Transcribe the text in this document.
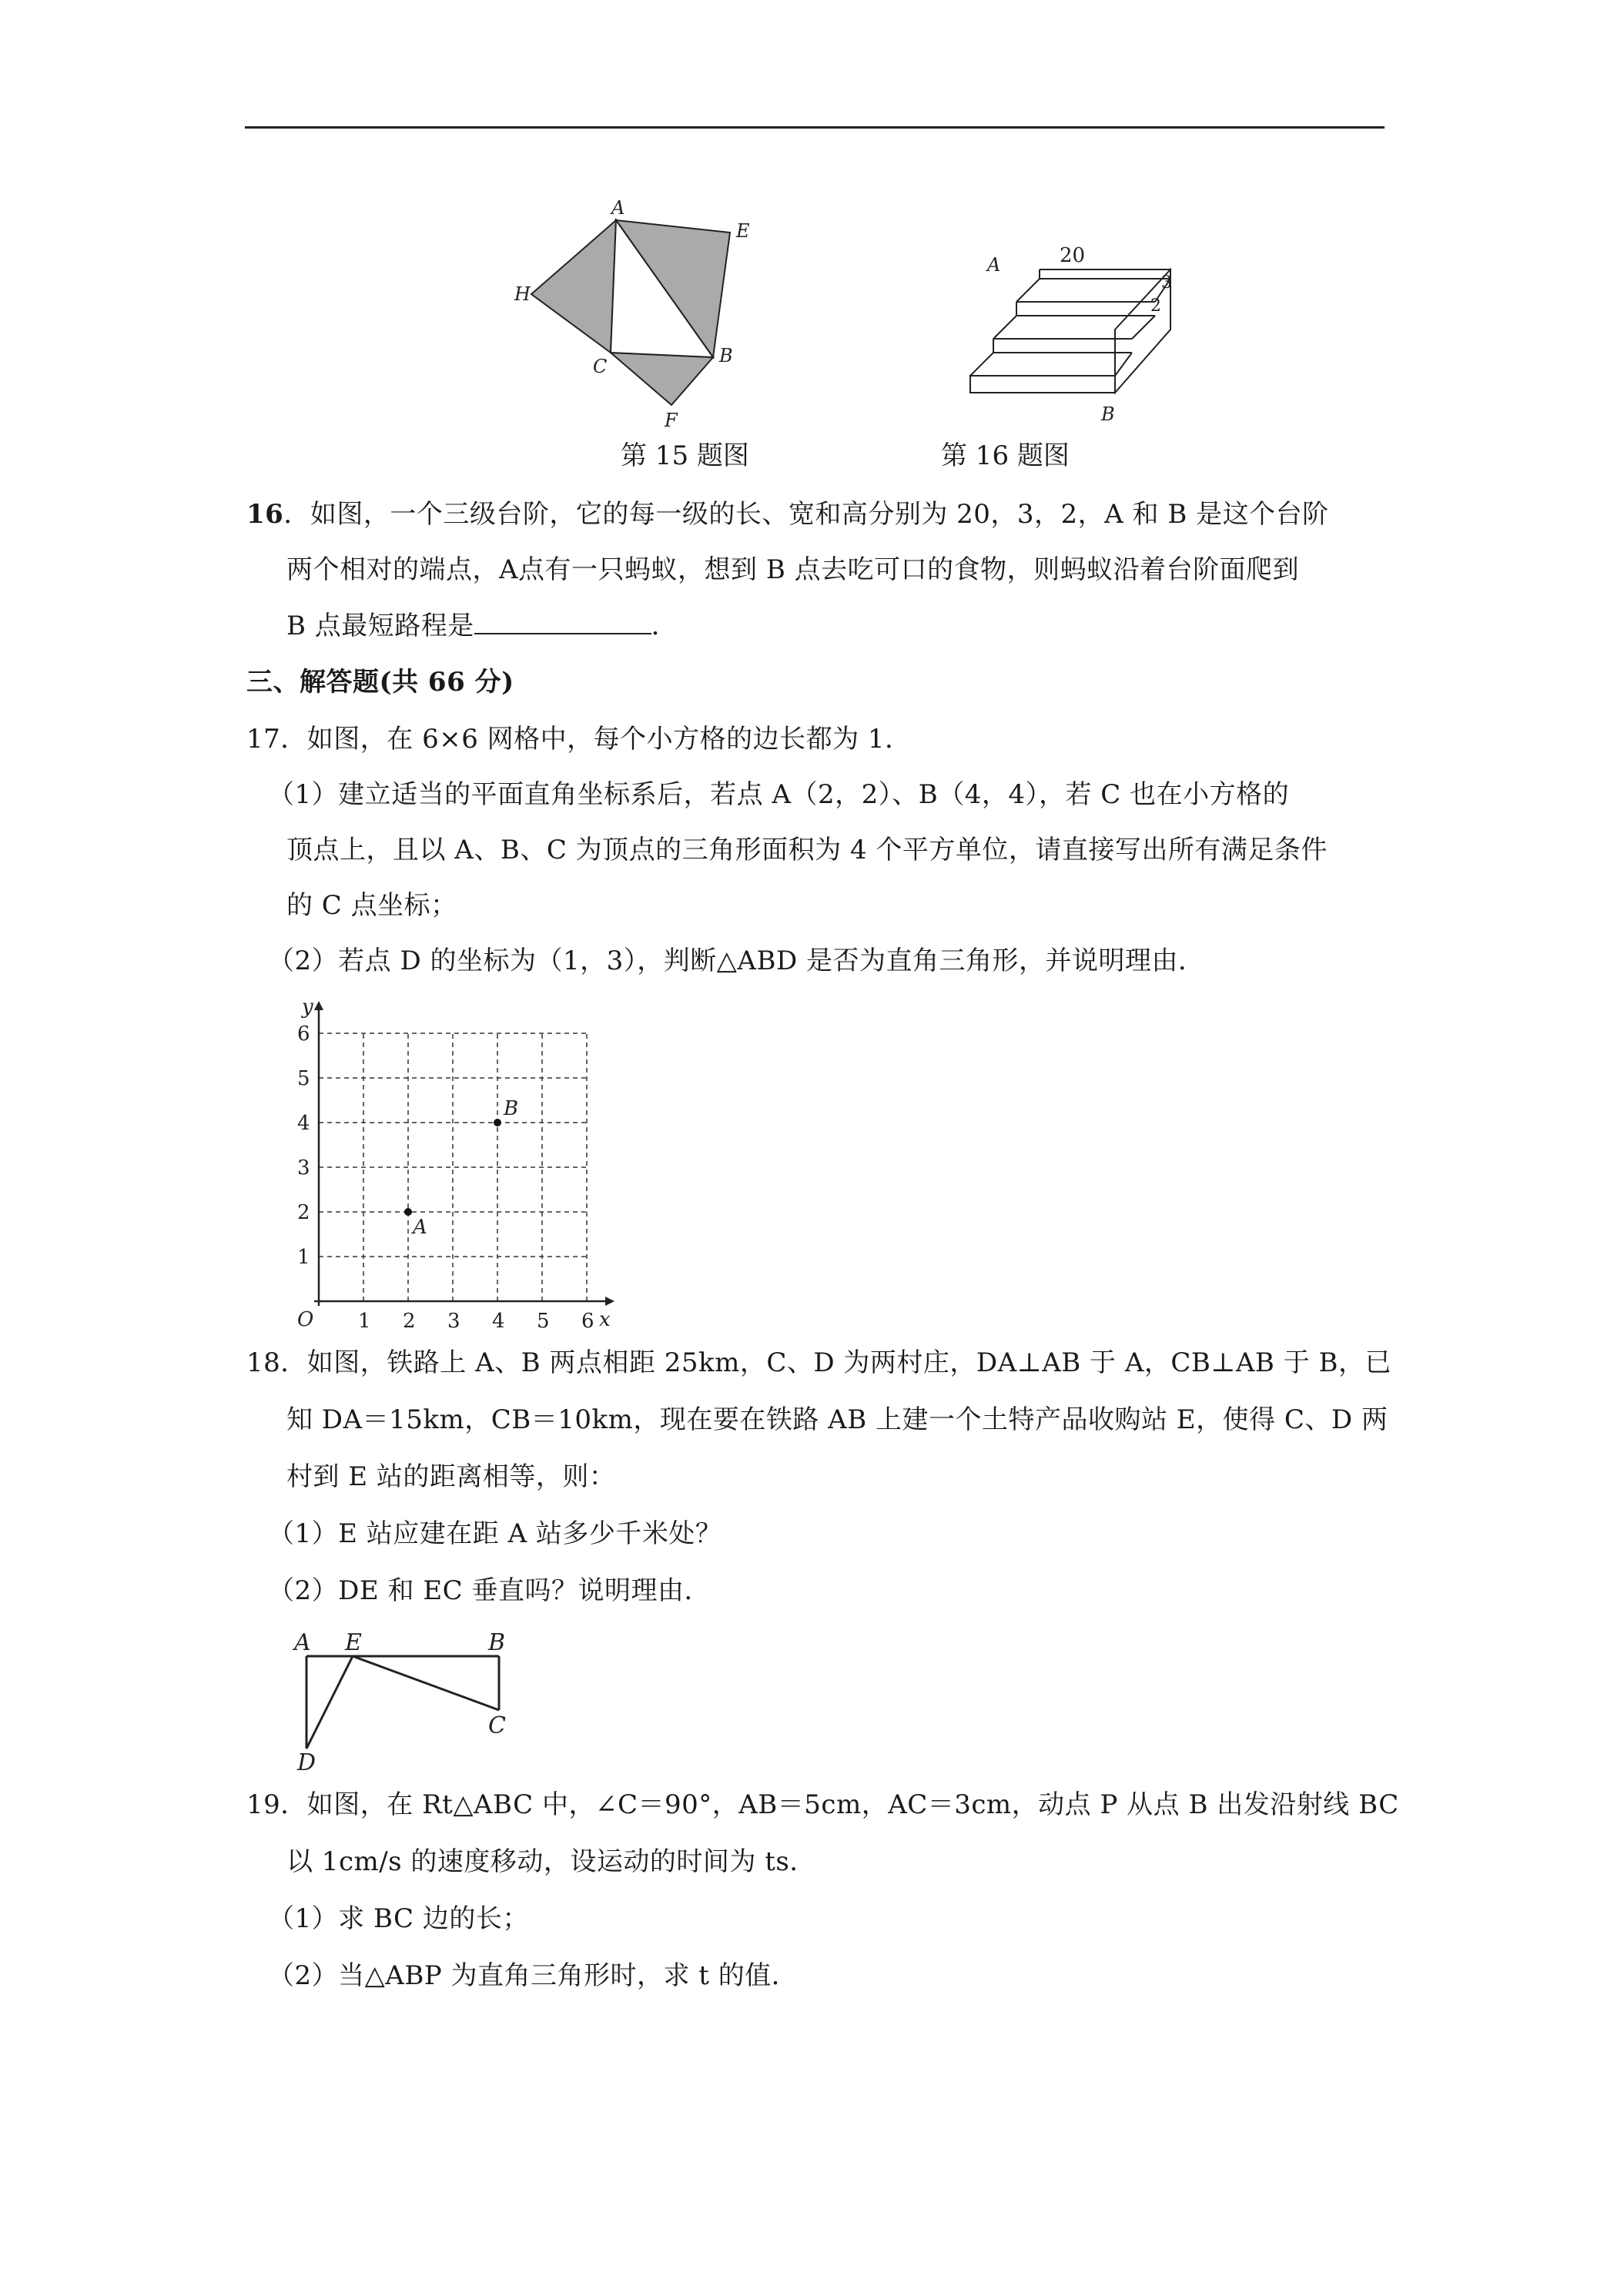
A
E
H
C	B
F
A	20
3
2
B
第 15 题图	第 16 题图
16．如图，一个三级台阶，它的每一级的长、宽和高分别为 20，3，2，A 和 B 是这个台阶
两个相对的端点，A点有一只蚂蚁，想到 B 点去吃可口的食物，则蚂蚁沿着台阶面爬到
B 点最短路程是	．
三、解答题(共 66 分)
17．如图，在 6×6 网格中，每个小方格的边长都为 1．
（1）建立适当的平面直角坐标系后，若点 A（2，2）、B（4，4），若 C 也在小方格的
顶点上，且以 A、B、C 为顶点的三角形面积为 4 个平方单位，请直接写出所有满足条件
的 C 点坐标；
（2）若点 D 的坐标为（1，3），判断△ABD 是否为直角三角形，并说明理由．
1 2 3 4 5 6
1
2
3
4
5
6
O	x
y
A
B
18．如图，铁路上 A、B 两点相距 25km，C、D 为两村庄，DA⊥AB 于 A，CB⊥AB 于 B，已
知 DA＝15km，CB＝10km，现在要在铁路 AB 上建一个土特产品收购站 E，使得 C、D 两
村到 E 站的距离相等，则：
（1）E 站应建在距 A 站多少千米处？
（2）DE 和 EC 垂直吗？说明理由．
A E	B
C
D
19．如图，在 Rt△ABC 中，∠C＝90°，AB＝5cm，AC＝3cm，动点 P 从点 B 出发沿射线 BC
以 1cm/s 的速度移动，设运动的时间为 ts．
（1）求 BC 边的长；
（2）当△ABP 为直角三角形时，求 t 的值．
